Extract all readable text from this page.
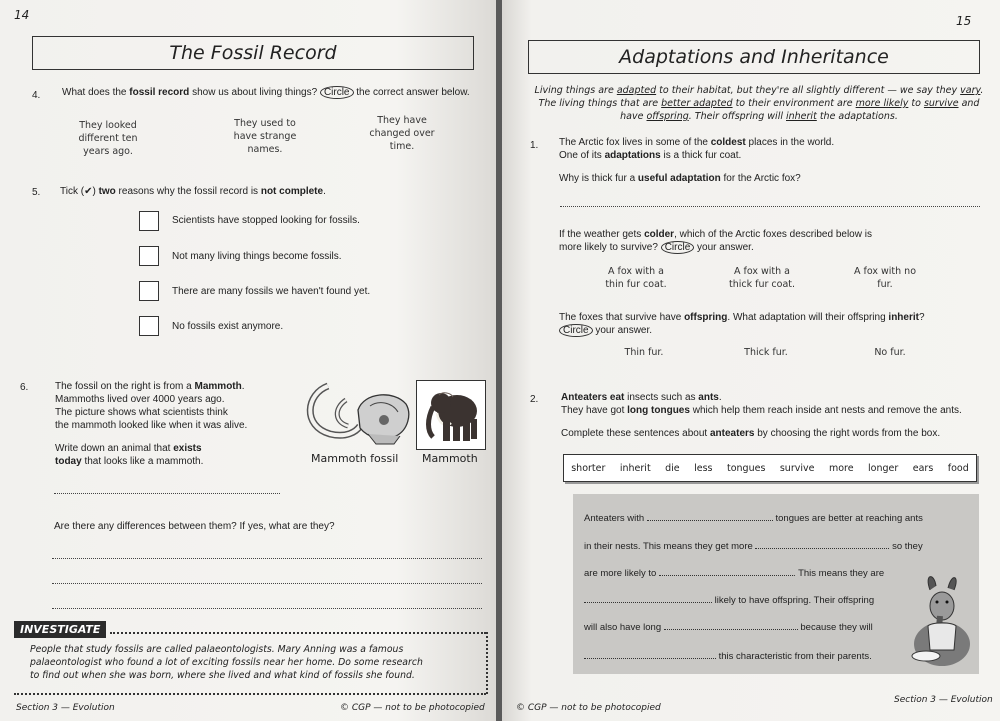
14
The Fossil Record
4. What does the fossil record show us about living things? Circle the correct answer below.
They looked different ten years ago.
They used to have strange names.
They have changed over time.
5. Tick (✔) two reasons why the fossil record is not complete.
Scientists have stopped looking for fossils.
Not many living things become fossils.
There are many fossils we haven't found yet.
No fossils exist anymore.
6.	The fossil on the right is from a Mammoth.
Mammoths lived over 4000 years ago.
The picture shows what scientists think
the mammoth looked like when it was alive.
Write down an animal that exists
today that looks like a mammoth.	Mammoth fossil Mammoth
Are there any differences between them? If yes, what are they?
INVESTIGATE
People that study fossils are called palaeontologists. Mary Anning was a famous
palaeontologist who found a lot of exciting fossils near her home. Do some research
to find out when she was born, where she lived and what kind of fossils she found.
Section 3 — Evolution	© CGP — not to be photocopied
15
Adaptations and Inheritance
Living things are adapted to their habitat, but they're all slightly different — we say they vary.
The living things that are better adapted to their environment are more likely to survive and
have offspring. Their offspring will inherit the adaptations.
1. The Arctic fox lives in some of the coldest places in the world.
One of its adaptations is a thick fur coat.
Why is thick fur a useful adaptation for the Arctic fox?
If the weather gets colder, which of the Arctic foxes described below is
more likely to survive? Circle your answer.
A fox with a thin fur coat.
A fox with a thick fur coat.
A fox with no fur.
The foxes that survive have offspring. What adaptation will their offspring inherit?
Circle your answer.
Thin fur.	Thick fur.	No fur.
2. Anteaters eat insects such as ants.
They have got long tongues which help them reach inside ant nests and remove the ants.
Complete these sentences about anteaters by choosing the right words from the box.
shorter inherit die less tongues survive more longer ears food
Anteaters with	tongues are better at reaching ants
in their nests. This means they get more	so they
are more likely to	. This means they are
likely to have offspring. Their offspring
will also have long	because they will
this characteristic from their parents.
© CGP — not to be photocopied
Section 3 — Evolution
